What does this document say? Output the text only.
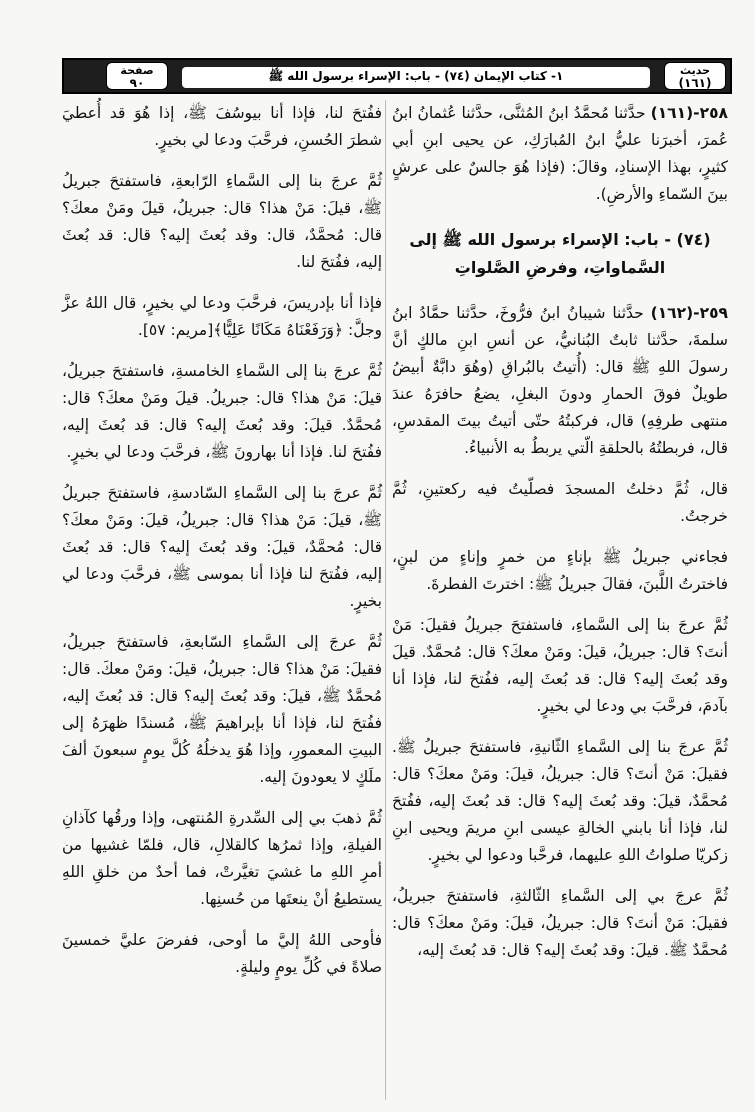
حديث
(١٦١)
١- كتاب الإيمان (٧٤) - باب: الإسراء برسول الله ﷺ
صفحة
٩٠

٢٥٨-(١٦١) حدَّثنا مُحمَّدُ ابنُ المُثنَّى، حدَّثنا عُثمانُ ابنُ عُمرَ، أخبرَنا عليُّ ابنُ المُبارَكِ، عن يحيى ابنِ أبي كثيرٍ، بهذا الإسنادِ، وقالَ: (فإذا هُوَ جالسٌ على عرشٍ بينَ السّماءِ والأرضِ).

(٧٤) - باب: الإسراء برسول الله ﷺ إلى السَّماواتِ، وفرضِ الصَّلواتِ

٢٥٩-(١٦٢) حدَّثنا شيبانُ ابنُ فرُّوخَ، حدَّثنا حمَّادُ ابنُ سلمةَ، حدَّثنا ثابتٌ البُنانيُّ، عن أنسِ ابنِ مالكٍ أنَّ رسولَ اللهِ ﷺ قال: (أُتيتُ بالبُراقِ (وهُوَ دابَّةٌ أبيضُ طويلٌ فوقَ الحمارِ ودونَ البغلِ، يضعُ حافرَهُ عندَ منتهى طرفِهِ) قال، فركبتُهُ حتّى أتيتُ بيتَ المقدسِ، قال، فربطتُهُ بالحلقةِ الّتي يربطُ به الأنبياءُ.

قال، ثُمَّ دخلتُ المسجدَ فصلّيتُ فيه ركعتينِ، ثُمَّ خرجتُ.

فجاءني جبريلُ ﷺ بإناءٍ من خمرٍ وإناءٍ من لبنٍ، فاخترتُ اللَّبنَ، فقالَ جبريلُ ﷺ: اخترتَ الفطرةَ.

ثُمَّ عرجَ بنا إلى السَّماءِ، فاستفتحَ جبريلُ فقيلَ: مَنْ أنتَ؟ قال: جبريلُ، قيلَ: ومَنْ معكَ؟ قال: مُحمَّدٌ. قيلَ وقد بُعثَ إليه؟ قال: قد بُعثَ إليه، ففُتحَ لنا، فإذا أنا بآدمَ، فرحَّبَ بي ودعا لي بخيرٍ.

ثُمَّ عرجَ بنا إلى السَّماءِ الثّانيةِ، فاستفتحَ جبريلُ ﷺ. فقيلَ: مَنْ أنتَ؟ قال: جبريلُ، قيلَ: ومَنْ معكَ؟ قال: مُحمَّدٌ، قيلَ: وقد بُعثَ إليه؟ قال: قد بُعثَ إليه، ففُتحَ لنا، فإذا أنا بابني الخالةِ عيسى ابنِ مريمَ ويحيى ابنِ زكريّا صلواتُ اللهِ عليهما، فرحَّبا ودعوا لي بخيرٍ.

ثُمَّ عرجَ بي إلى السَّماءِ الثّالثةِ، فاستفتحَ جبريلُ، فقيلَ: مَنْ أنتَ؟ قال: جبريلُ، قيلَ: ومَنْ معكَ؟ قال: مُحمَّدٌ ﷺ. قيلَ: وقد بُعثَ إليه؟ قال: قد بُعثَ إليه،

ففُتحَ لنا، فإذا أنا بيوسُفَ ﷺ، إذا هُوَ قد أُعطيَ شطرَ الحُسنِ، فرحَّبَ ودعا لي بخيرٍ.

ثُمَّ عرجَ بنا إلى السَّماءِ الرّابعةِ، فاستفتحَ جبريلُ ﷺ، قيلَ: مَنْ هذا؟ قال: جبريلُ، قيلَ ومَنْ معكَ؟ قال: مُحمَّدٌ، قال: وقد بُعثَ إليه؟ قال: قد بُعثَ إليه، ففُتحَ لنا.

فإذا أنا بإدريسَ، فرحَّبَ ودعا لي بخيرٍ، قال اللهُ عزَّ وجلَّ: ﴿وَرَفَعْنَاهُ مَكَانًا عَلِيًّا﴾[مريم: ٥٧].

ثُمَّ عرجَ بنا إلى السَّماءِ الخامسةِ، فاستفتحَ جبريلُ، قيلَ: مَنْ هذا؟ قال: جبريلُ. قيلَ ومَنْ معكَ؟ قال: مُحمَّدٌ. قيلَ: وقد بُعثَ إليه؟ قال: قد بُعثَ إليه، ففُتحَ لنا. فإذا أنا بهارونَ ﷺ، فرحَّبَ ودعا لي بخيرٍ.

ثُمَّ عرجَ بنا إلى السَّماءِ السّادسةِ، فاستفتحَ جبريلُ ﷺ، قيلَ: مَنْ هذا؟ قال: جبريلُ، قيلَ: ومَنْ معكَ؟ قال: مُحمَّدٌ، قيلَ: وقد بُعثَ إليه؟ قال: قد بُعثَ إليه، ففُتحَ لنا فإذا أنا بموسى ﷺ، فرحَّبَ ودعا لي بخيرٍ.

ثُمَّ عرجَ إلى السَّماءِ السّابعةِ، فاستفتحَ جبريلُ، فقيلَ: مَنْ هذا؟ قال: جبريلُ، قيلَ: ومَنْ معكَ. قال: مُحمَّدٌ ﷺ، قيلَ: وقد بُعثَ إليه؟ قال: قد بُعثَ إليه، ففُتحَ لنا، فإذا أنا بإبراهيمَ ﷺ، مُسندًا ظهرَهُ إلى البيتِ المعمورِ، وإذا هُوَ يدخلُهُ كُلَّ يومٍ سبعونَ ألفَ ملَكٍ لا يعودونَ إليه.

ثُمَّ ذهبَ بي إلى السِّدرةِ المُنتهى، وإذا ورقُها كآذانِ الفيلةِ، وإذا ثمرُها كالقلالِ، قال، فلمّا غشيها من أمرِ اللهِ ما غشيَ تغيَّرتْ، فما أحدٌ من خلقِ اللهِ يستطيعُ أنْ ينعتَها من حُسنِها.

فأوحى اللهُ إليَّ ما أوحى، ففرضَ عليَّ خمسينَ صلاةً في كُلِّ يومٍ وليلةٍ.
